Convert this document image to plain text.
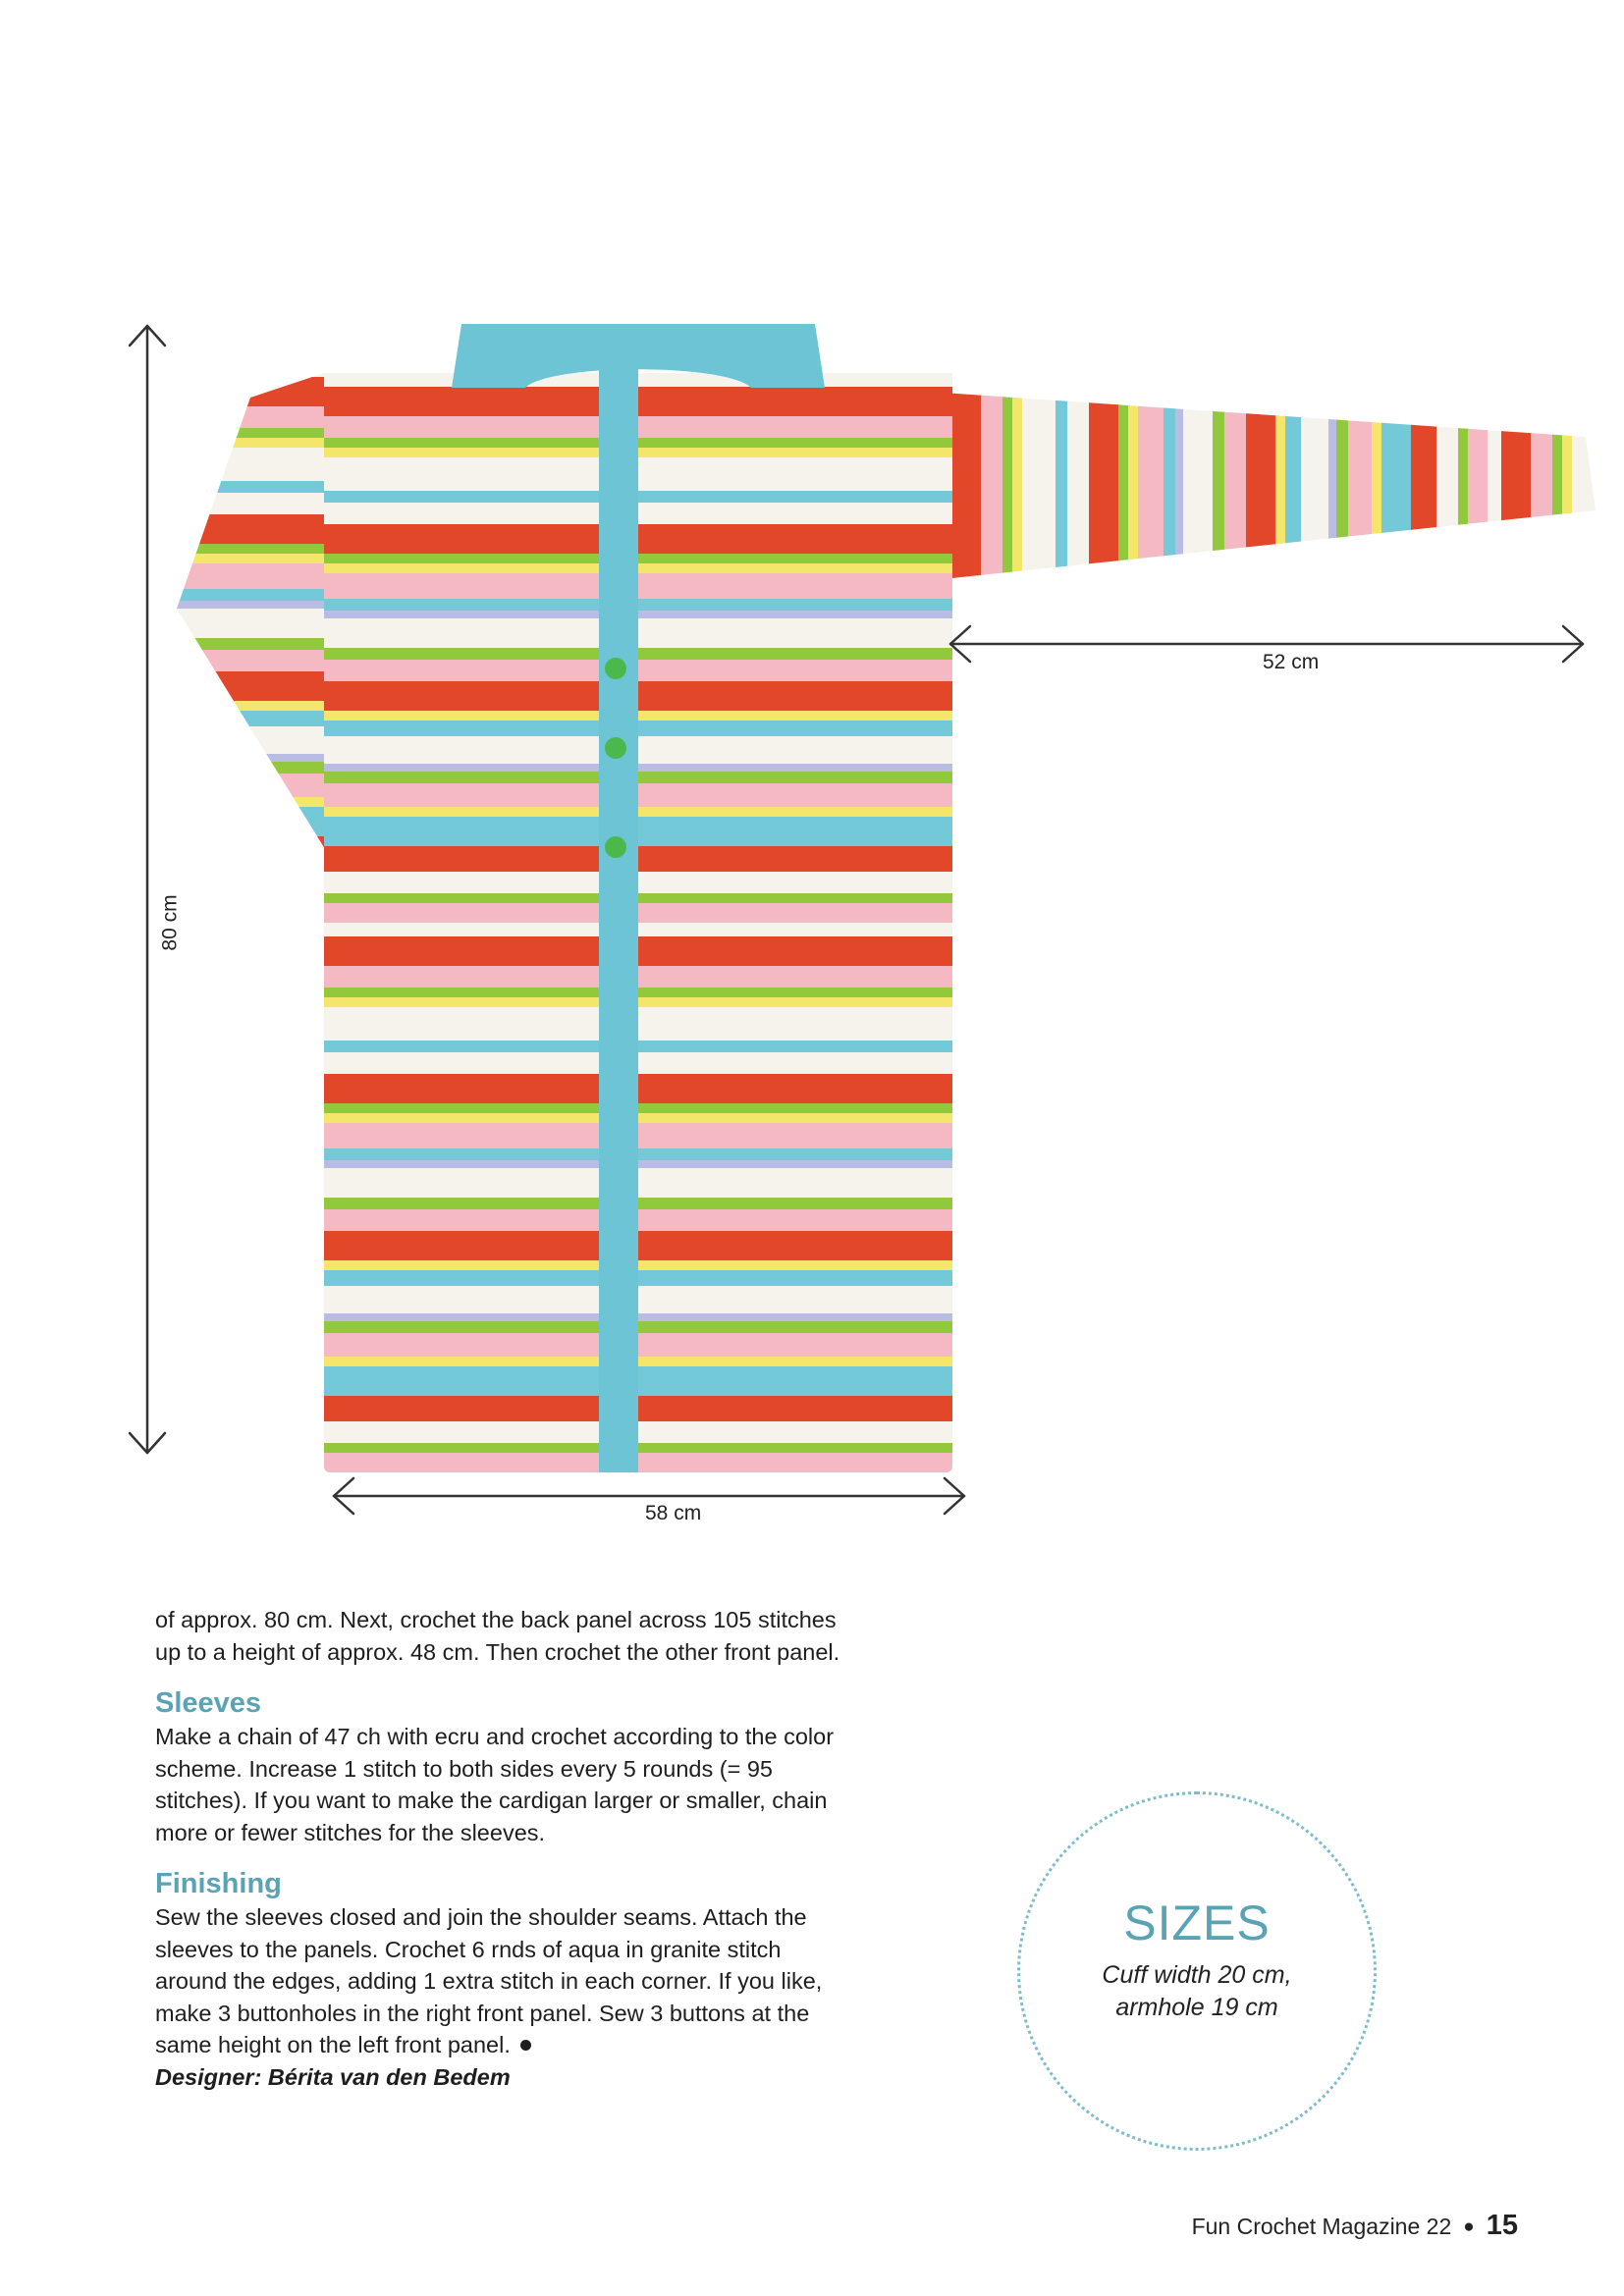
52 cm
58 cm
80 cm

of approx. 80 cm. Next, crochet the back panel across 105 stitches up to a height of approx. 48 cm. Then crochet the other front panel.

Sleeves

Make a chain of 47 ch with ecru and crochet according to the color scheme. Increase 1 stitch to both sides every 5 rounds (= 95 stitches). If you want to make the cardigan larger or smaller, chain more or fewer stitches for the sleeves.

Finishing

Sew the sleeves closed and join the shoulder seams. Attach the sleeves to the panels. Crochet 6 rnds of aqua in granite stitch around the edges, adding 1 extra stitch in each corner. If you like, make 3 buttonholes in the right front panel. Sew 3 buttons at the same height on the left front panel.

Designer: Bérita van den Bedem

SIZES
Cuff width 20 cm,
armhole 19 cm
Fun Crochet Magazine 22 ● 15
